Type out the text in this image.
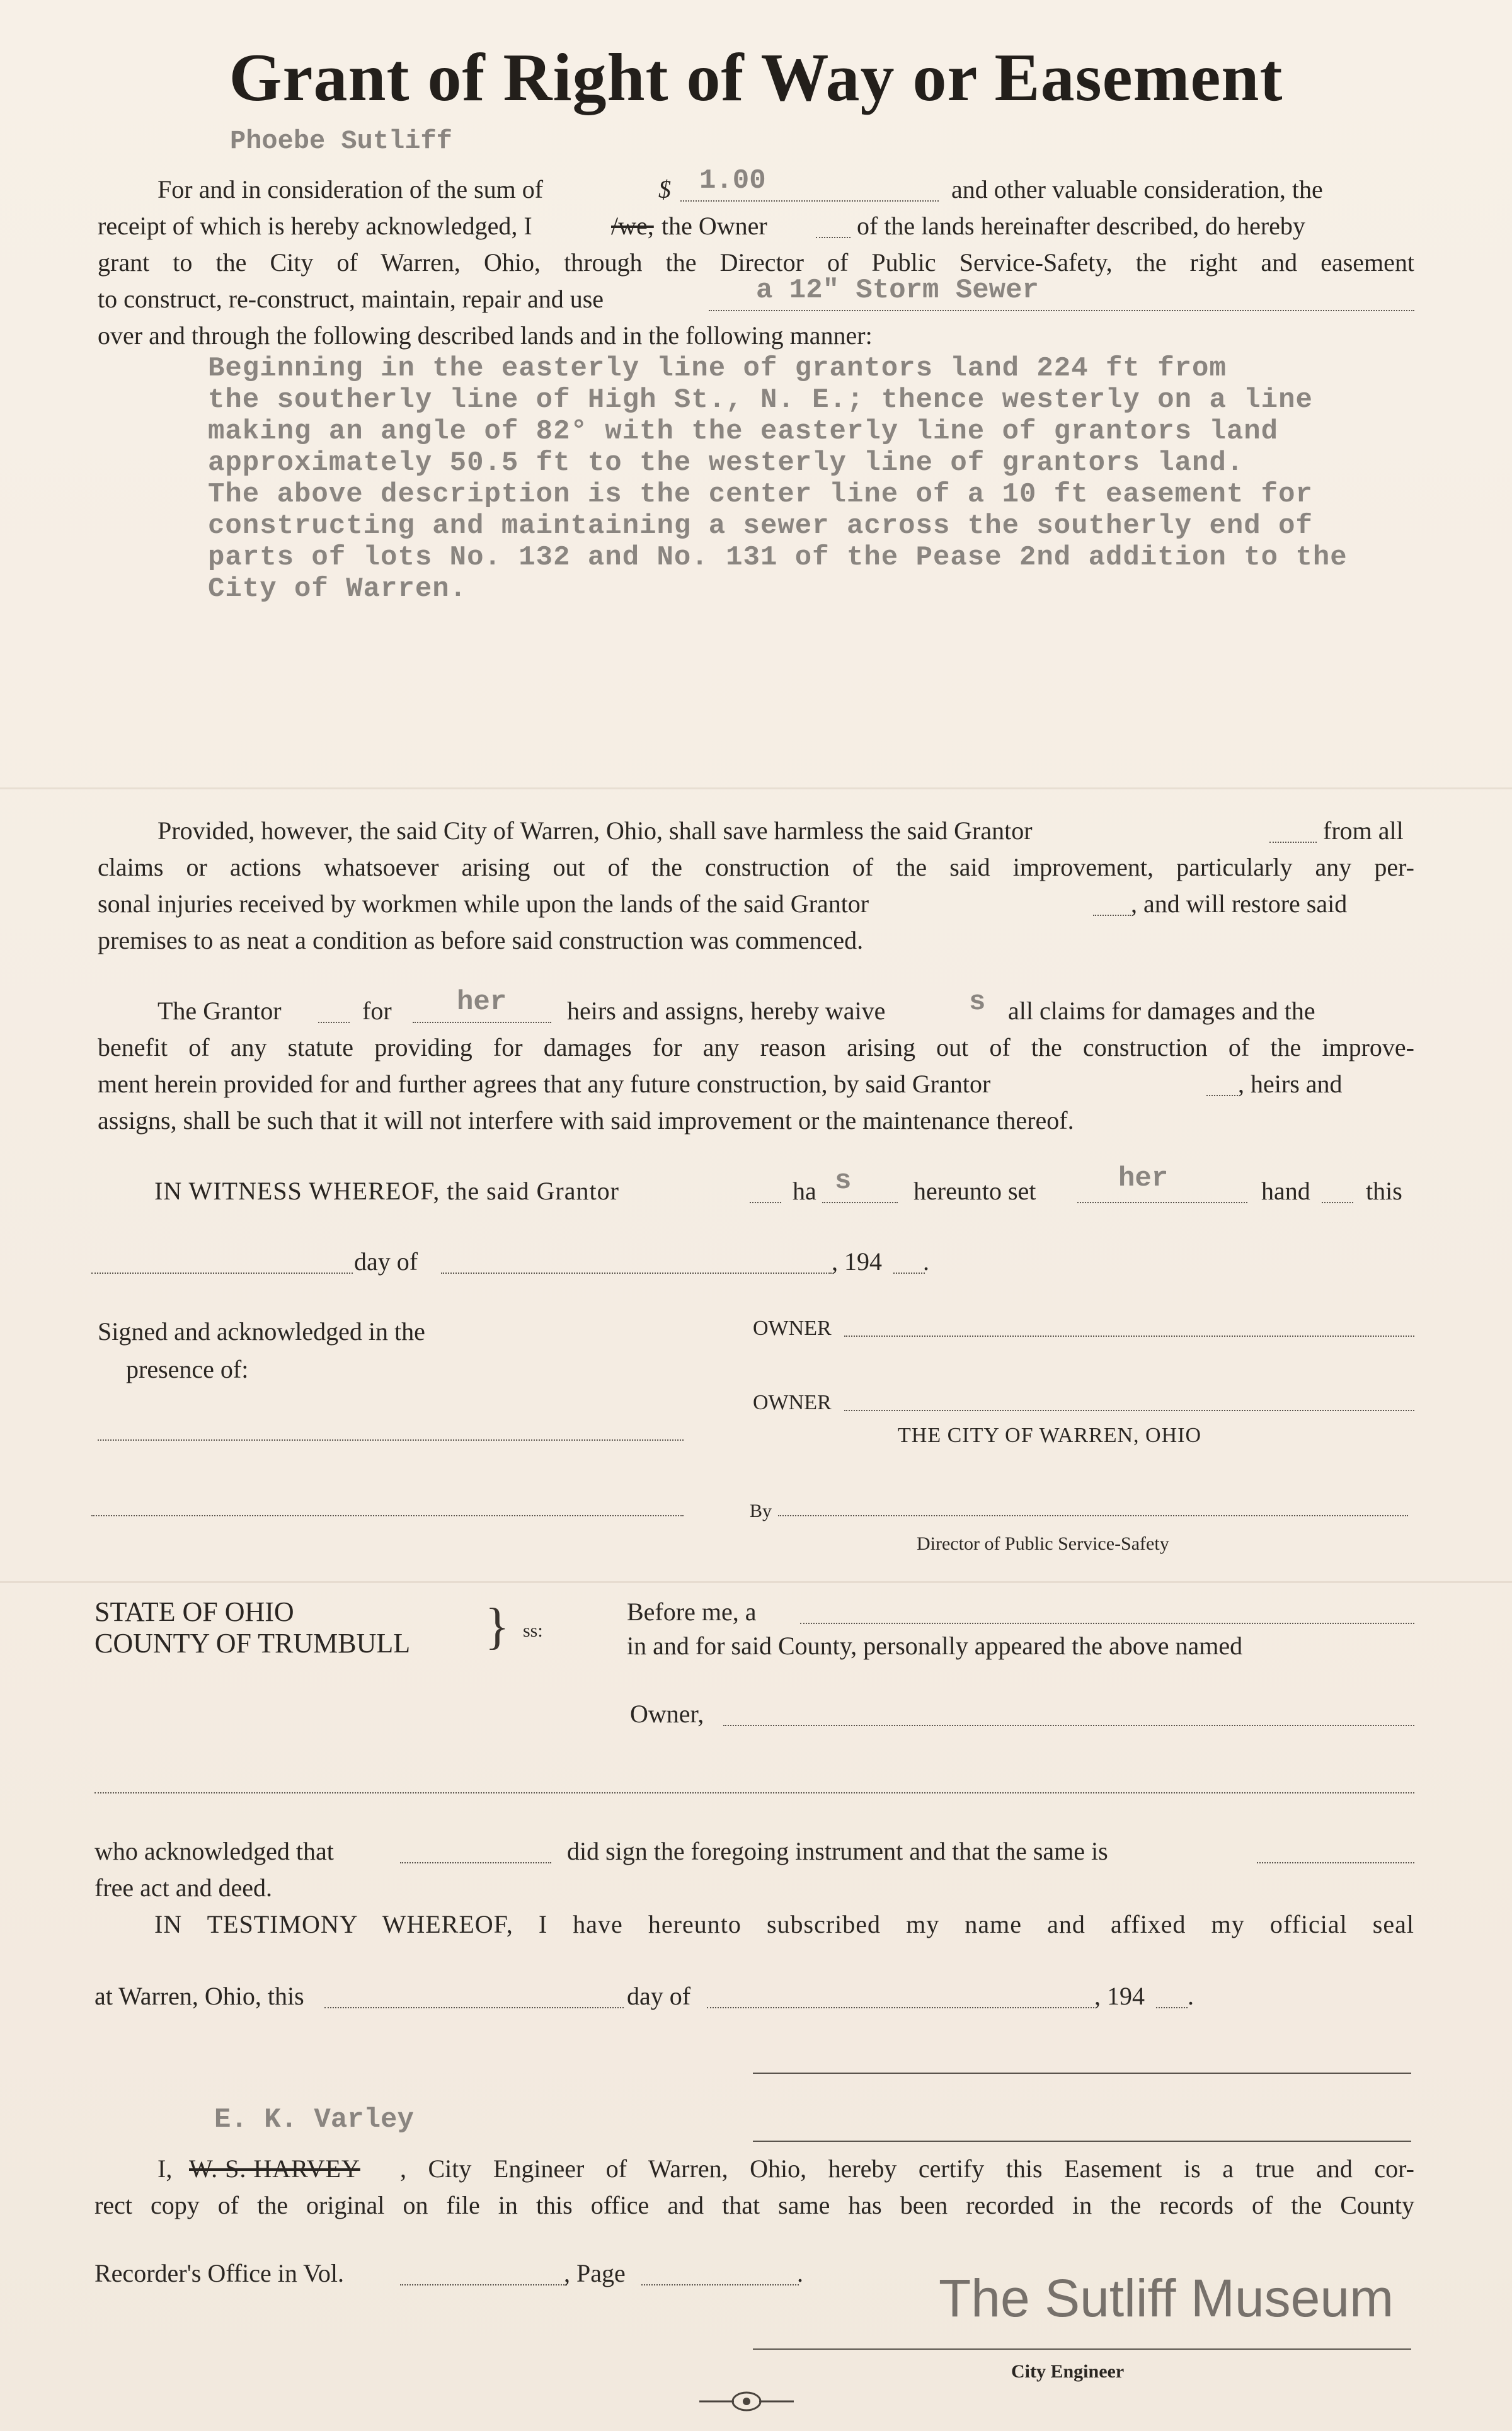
Grant of Right of Way or Easement
Phoebe Sutliff
For and in consideration of the sum of	$ 1.00	and other valuable consideration, the
receipt of which is hereby acknowledged, I	/we, the Owner	of the lands hereinafter described, do hereby
grant to the City of Warren, Ohio, through the Director of Public Service-Safety, the right and easement
to construct, re-construct, maintain, repair and use	a 12" Storm Sewer
over and through the following described lands and in the following manner:
Beginning in the easterly line of grantors land 224 ft from
the southerly line of High St., N. E.; thence westerly on a line
making an angle of 82° with the easterly line of grantors land
approximately 50.5 ft to the westerly line of grantors land.
The above description is the center line of a 10 ft easement for
constructing and maintaining a sewer across the southerly end of
parts of lots No. 132 and No. 131 of the Pease 2nd addition to the
City of Warren.
Provided, however, the said City of Warren, Ohio, shall save harmless the said Grantor	from all
claims or actions whatsoever arising out of the construction of the said improvement, particularly any per-
sonal injuries received by workmen while upon the lands of the said Grantor	, and will restore said
premises to as neat a condition as before said construction was commenced.
The Grantor	for her heirs and assigns, hereby waive	s all claims for damages and the
benefit of any statute providing for damages for any reason arising out of the construction of the improve-
ment herein provided for and further agrees that any future construction, by said Grantor	, heirs and
assigns, shall be such that it will not interfere with said improvement or the maintenance thereof.
IN WITNESS WHEREOF, the said Grantor	ha s hereunto set	her	hand this
day of	, 194 .
Signed and acknowledged in the
presence of:
OWNER
OWNER
THE CITY OF WARREN, OHIO
By
Director of Public Service-Safety
STATE OF OHIO
COUNTY OF TRUMBULL } ss:
Before me, a
in and for said County, personally appeared the above named
Owner,
who acknowledged that	did sign the foregoing instrument and that the same is
free act and deed.
IN TESTIMONY WHEREOF, I have hereunto subscribed my name and affixed my official seal
at Warren, Ohio, this	day of	, 194 .
E. K. Varley
I, W. S. HARVEY , City Engineer of Warren, Ohio, hereby certify this Easement is a true and cor-
rect copy of the original on file in this office and that same has been recorded in the records of the County
Recorder's Office in Vol.	, Page	.
City Engineer
The Sutliff Museum
